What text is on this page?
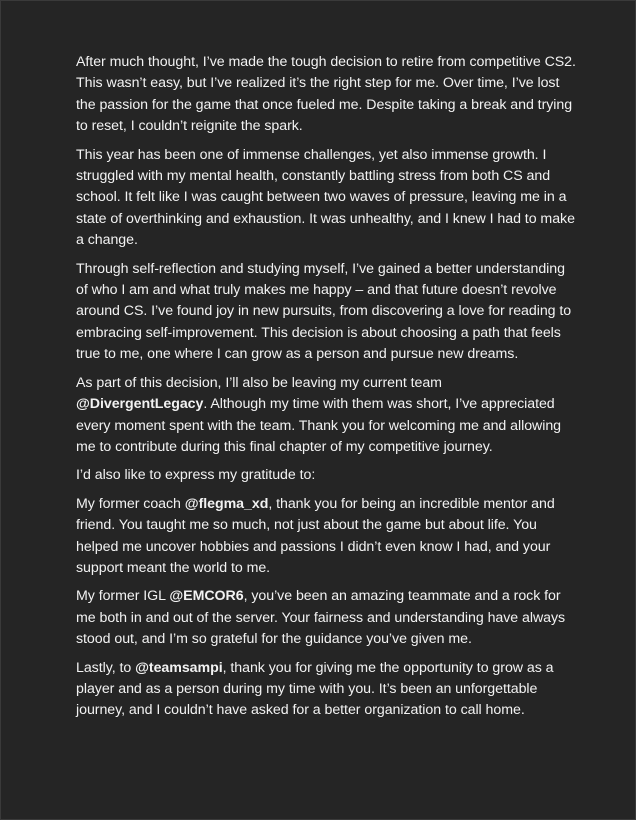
After much thought, I’ve made the tough decision to retire from competitive CS2. This wasn’t easy, but I’ve realized it’s the right step for me. Over time, I’ve lost the passion for the game that once fueled me. Despite taking a break and trying to reset, I couldn’t reignite the spark.

This year has been one of immense challenges, yet also immense growth. I struggled with my mental health, constantly battling stress from both CS and school. It felt like I was caught between two waves of pressure, leaving me in a state of overthinking and exhaustion. It was unhealthy, and I knew I had to make a change.

Through self-reflection and studying myself, I’ve gained a better understanding of who I am and what truly makes me happy – and that future doesn’t revolve around CS. I’ve found joy in new pursuits, from discovering a love for reading to embracing self-improvement. This decision is about choosing a path that feels true to me, one where I can grow as a person and pursue new dreams.

As part of this decision, I’ll also be leaving my current team @DivergentLegacy. Although my time with them was short, I’ve appreciated every moment spent with the team. Thank you for welcoming me and allowing me to contribute during this final chapter of my competitive journey.

I’d also like to express my gratitude to:

My former coach @flegma_xd, thank you for being an incredible mentor and friend. You taught me so much, not just about the game but about life. You helped me uncover hobbies and passions I didn’t even know I had, and your support meant the world to me.

My former IGL @EMCOR6, you’ve been an amazing teammate and a rock for me both in and out of the server. Your fairness and understanding have always stood out, and I’m so grateful for the guidance you’ve given me.

Lastly, to @teamsampi, thank you for giving me the opportunity to grow as a player and as a person during my time with you. It’s been an unforgettable journey, and I couldn’t have asked for a better organization to call home.
